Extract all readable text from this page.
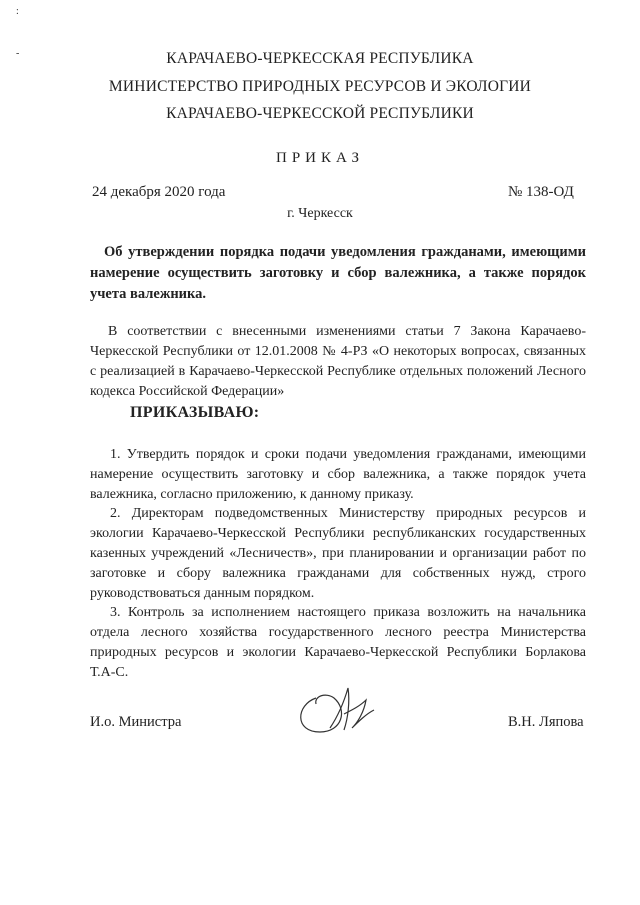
:
-	КАРАЧАЕВО-ЧЕРКЕССКАЯ РЕСПУБЛИКА
МИНИСТЕРСТВО ПРИРОДНЫХ РЕСУРСОВ И ЭКОЛОГИИ
КАРАЧАЕВО-ЧЕРКЕССКОЙ РЕСПУБЛИКИ
ПРИКАЗ
24 декабря 2020 года	№ 138-ОД
г. Черкесск
Об утверждении порядка подачи уведомления гражданами, имеющими намерение осуществить заготовку и сбор валежника, а также порядок учета валежника.
В соответствии с внесенными изменениями статьи 7 Закона Карачаево-Черкесской Республики от 12.01.2008 № 4-РЗ «О некоторых вопросах, связанных с реализацией в Карачаево-Черкесской Республике отдельных положений Лесного кодекса Российской Федерации»
ПРИКАЗЫВАЮ:

1. Утвердить порядок и сроки подачи уведомления гражданами, имеющими намерение осуществить заготовку и сбор валежника, а также порядок учета валежника, согласно приложению, к данному приказу.

2. Директорам подведомственных Министерству природных ресурсов и экологии Карачаево-Черкесской Республики республиканских государственных казенных учреждений «Лесничеств», при планировании и организации работ по заготовке и сбору валежника гражданами для собственных нужд, строго руководствоваться данным порядком.

3. Контроль за исполнением настоящего приказа возложить на начальника отдела лесного хозяйства государственного лесного реестра Министерства природных ресурсов и экологии Карачаево-Черкесской Республики Борлакова Т.А-С.

И.о. Министра	В.Н. Ляпова
